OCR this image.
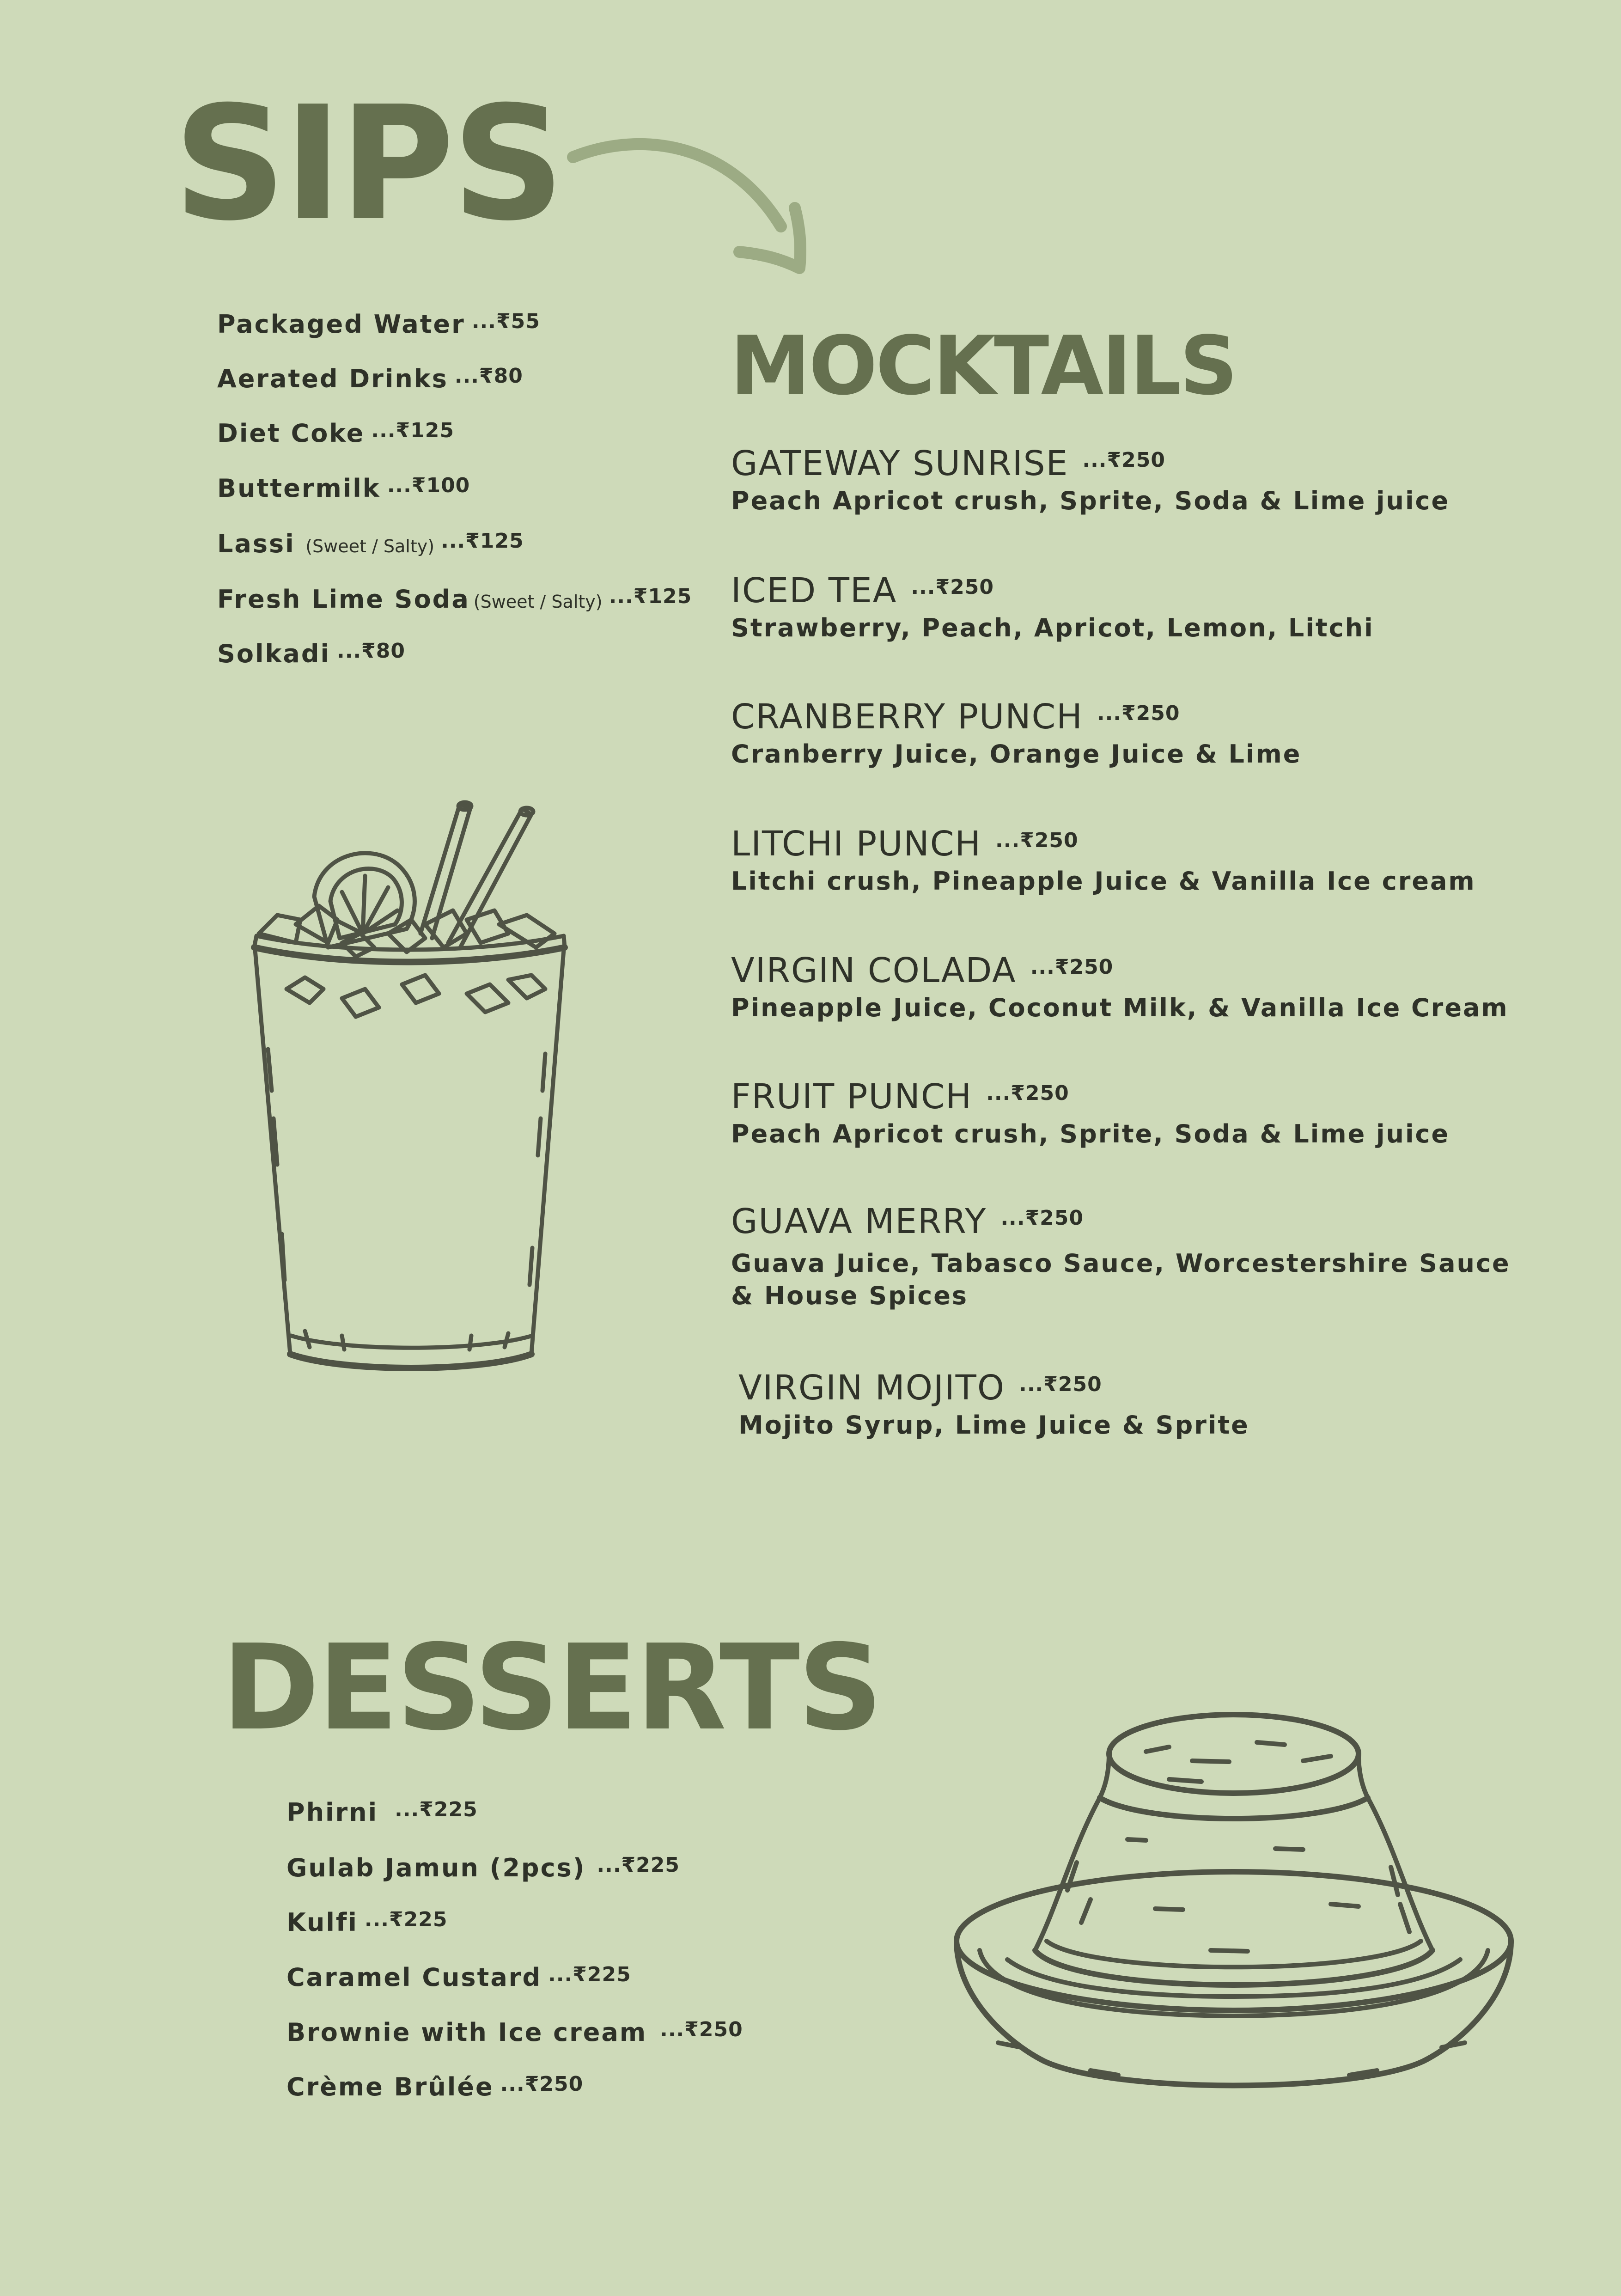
SIPS
Packaged Water ...₹55
Aerated Drinks ...₹80
Diet Coke ...₹125
Buttermilk ...₹100
Lassi (Sweet / Salty) ...₹125
Fresh Lime Soda (Sweet / Salty) ...₹125
Solkadi ...₹80
MOCKTAILS
GATEWAY SUNRISE ...₹250
Peach Apricot crush, Sprite, Soda & Lime juice
ICED TEA ...₹250
Strawberry, Peach, Apricot, Lemon, Litchi
CRANBERRY PUNCH ...₹250
Cranberry Juice, Orange Juice & Lime
LITCHI PUNCH ...₹250
Litchi crush, Pineapple Juice & Vanilla Ice cream
VIRGIN COLADA ...₹250
Pineapple Juice, Coconut Milk, & Vanilla Ice Cream
FRUIT PUNCH ...₹250
Peach Apricot crush, Sprite, Soda & Lime juice
GUAVA MERRY ...₹250
Guava Juice, Tabasco Sauce, Worcestershire Sauce
& House Spices
VIRGIN MOJITO ...₹250
Mojito Syrup, Lime Juice & Sprite
DESSERTS
Phirni ...₹225
Gulab Jamun (2pcs) ...₹225
Kulfi ...₹225
Caramel Custard ...₹225
Brownie with Ice cream ...₹250
Crème Brûlée ...₹250
